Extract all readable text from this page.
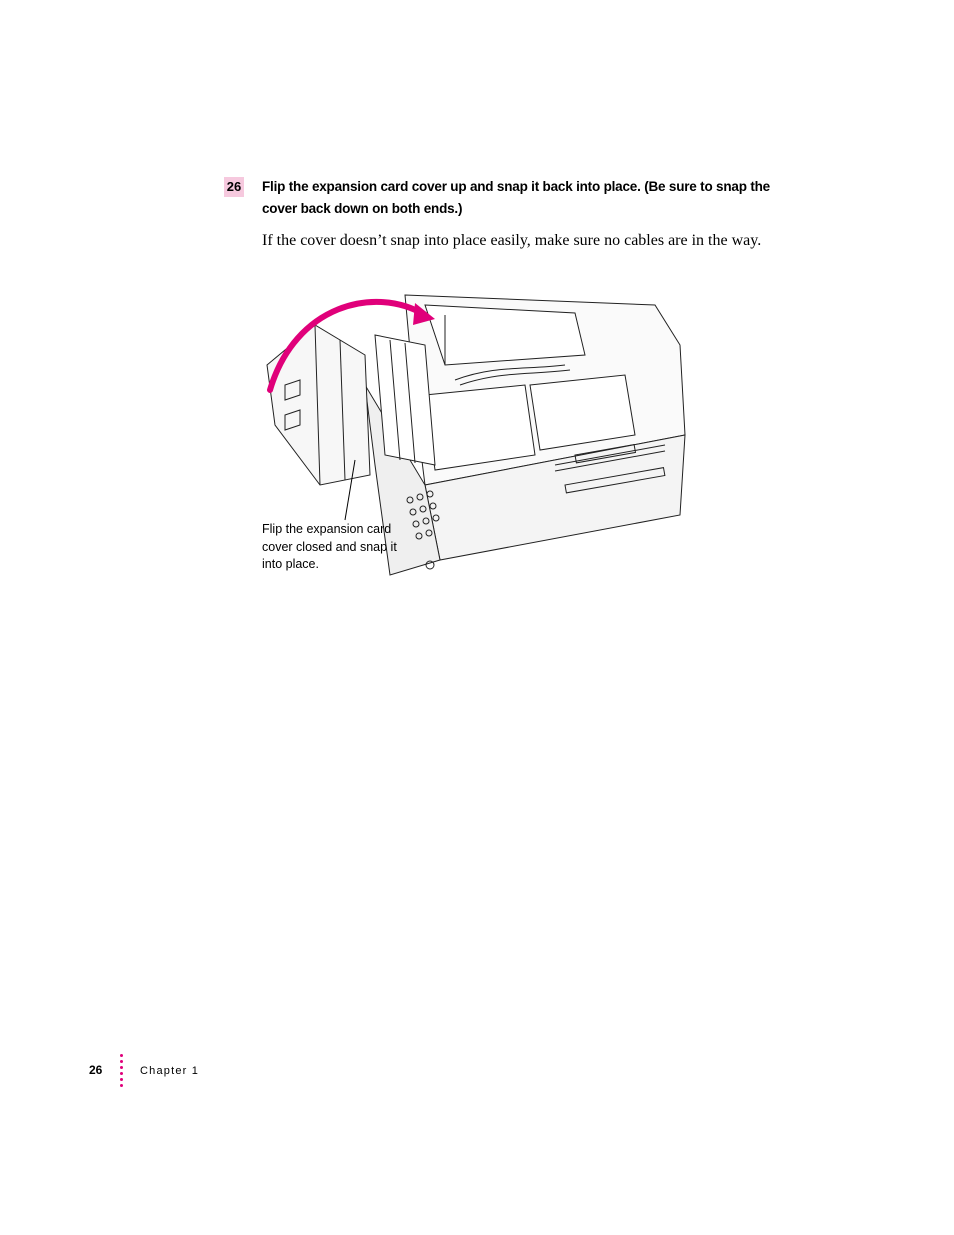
26 Flip the expansion card cover up and snap it back into place. (Be sure to snap the cover back down on both ends.)
If the cover doesn’t snap into place easily, make sure no cables are in the way.
Flip the expansion card cover closed and snap it into place.
26	Chapter 1
